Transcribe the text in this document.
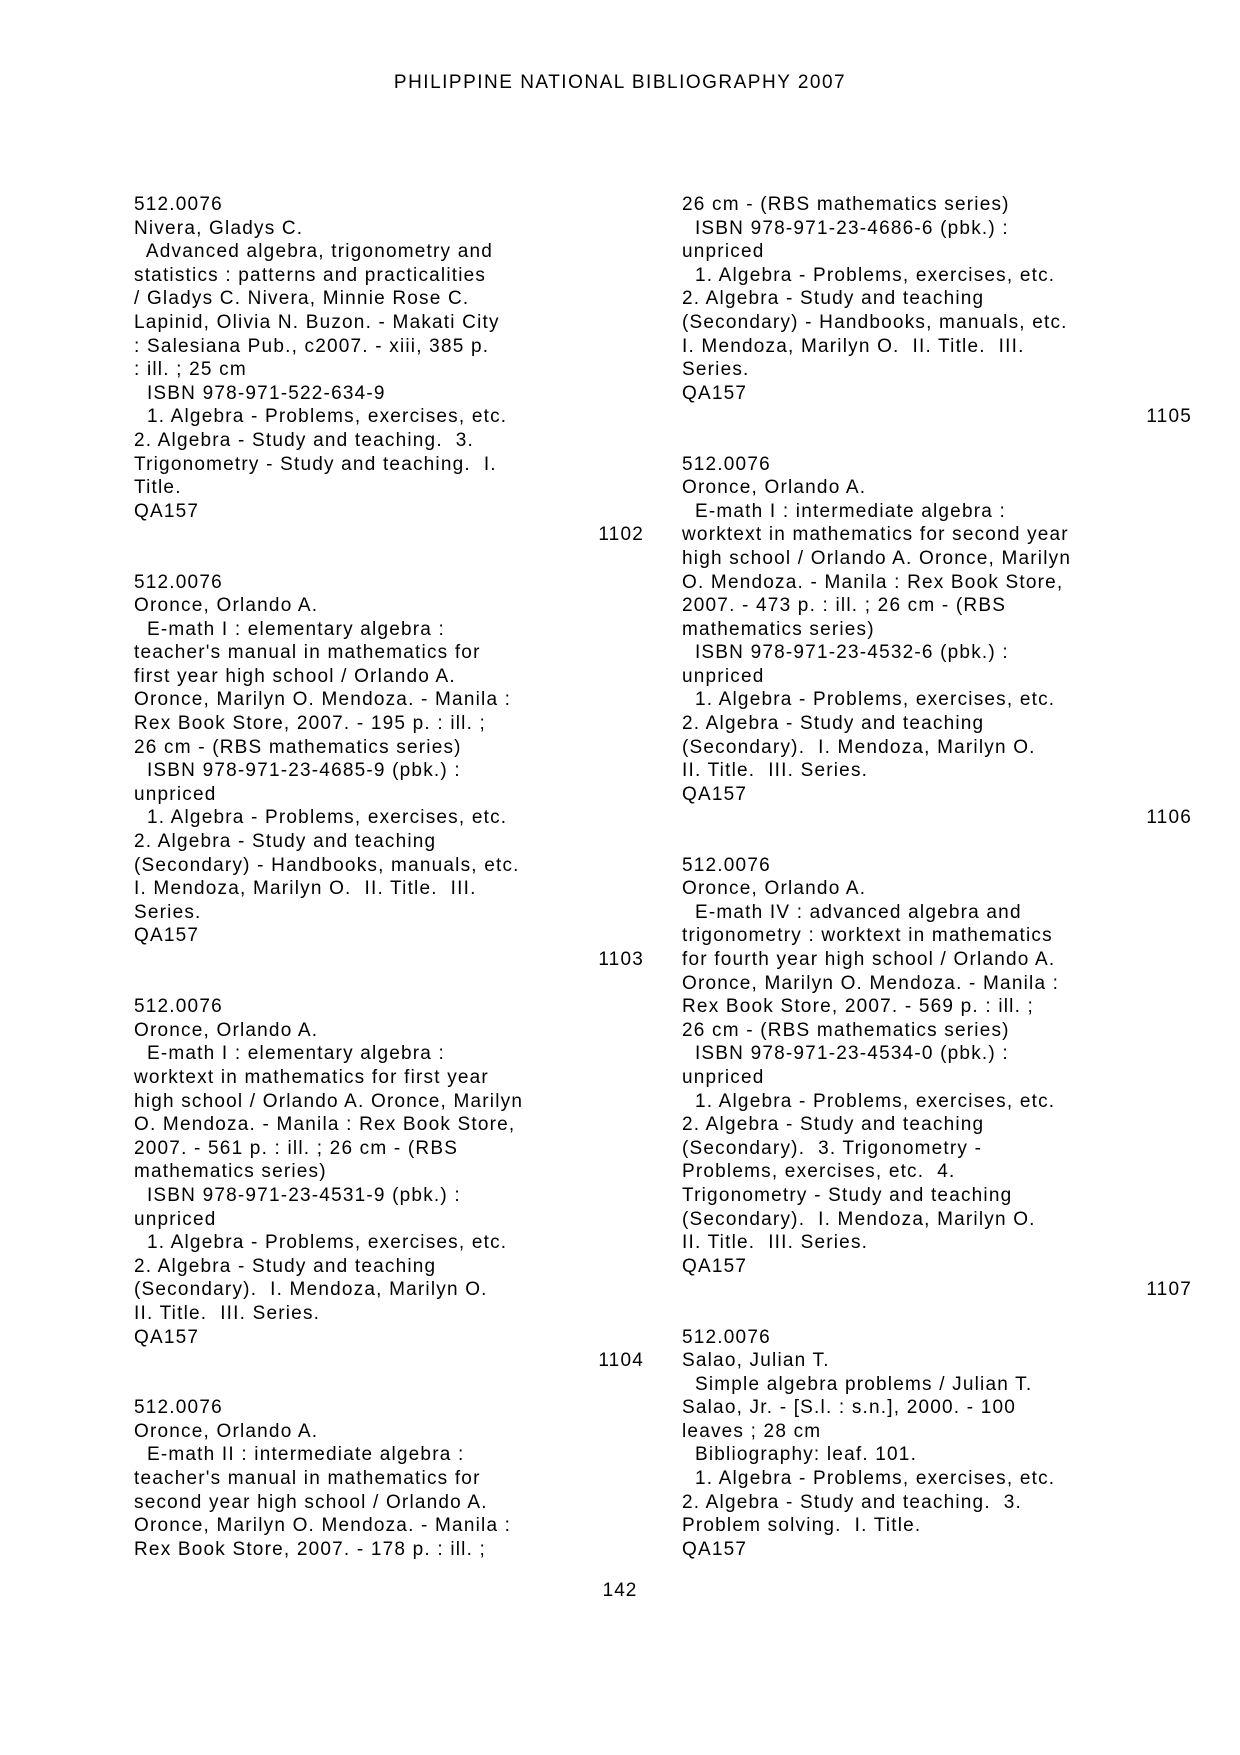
PHILIPPINE NATIONAL BIBLIOGRAPHY 2007
512.0076
Nivera, Gladys C.
Advanced algebra, trigonometry and
statistics : patterns and practicalities
/ Gladys C. Nivera, Minnie Rose C.
Lapinid, Olivia N. Buzon. - Makati City
: Salesiana Pub., c2007. - xiii, 385 p.
: ill. ; 25 cm
ISBN 978-971-522-634-9
1. Algebra - Problems, exercises, etc.
2. Algebra - Study and teaching.  3.
Trigonometry - Study and teaching.  I.
Title.
QA157
1102
512.0076
Oronce, Orlando A.
E-math I : elementary algebra :
teacher's manual in mathematics for
first year high school / Orlando A.
Oronce, Marilyn O. Mendoza. - Manila :
Rex Book Store, 2007. - 195 p. : ill. ;
26 cm - (RBS mathematics series)
ISBN 978-971-23-4685-9 (pbk.) :
unpriced
1. Algebra - Problems, exercises, etc.
2. Algebra - Study and teaching
(Secondary) - Handbooks, manuals, etc.
I. Mendoza, Marilyn O.  II. Title.  III.
Series.
QA157
1103
512.0076
Oronce, Orlando A.
E-math I : elementary algebra :
worktext in mathematics for first year
high school / Orlando A. Oronce, Marilyn
O. Mendoza. - Manila : Rex Book Store,
2007. - 561 p. : ill. ; 26 cm - (RBS
mathematics series)
ISBN 978-971-23-4531-9 (pbk.) :
unpriced
1. Algebra - Problems, exercises, etc.
2. Algebra - Study and teaching
(Secondary).  I. Mendoza, Marilyn O.
II. Title.  III. Series.
QA157
1104
512.0076
Oronce, Orlando A.
E-math II : intermediate algebra :
teacher's manual in mathematics for
second year high school / Orlando A.
Oronce, Marilyn O. Mendoza. - Manila :
Rex Book Store, 2007. - 178 p. : ill. ;
26 cm - (RBS mathematics series)
ISBN 978-971-23-4686-6 (pbk.) :
unpriced
1. Algebra - Problems, exercises, etc.
2. Algebra - Study and teaching
(Secondary) - Handbooks, manuals, etc.
I. Mendoza, Marilyn O.  II. Title.  III.
Series.
QA157
1105
512.0076
Oronce, Orlando A.
E-math I : intermediate algebra :
worktext in mathematics for second year
high school / Orlando A. Oronce, Marilyn
O. Mendoza. - Manila : Rex Book Store,
2007. - 473 p. : ill. ; 26 cm - (RBS
mathematics series)
ISBN 978-971-23-4532-6 (pbk.) :
unpriced
1. Algebra - Problems, exercises, etc.
2. Algebra - Study and teaching
(Secondary).  I. Mendoza, Marilyn O.
II. Title.  III. Series.
QA157
1106
512.0076
Oronce, Orlando A.
E-math IV : advanced algebra and
trigonometry : worktext in mathematics
for fourth year high school / Orlando A.
Oronce, Marilyn O. Mendoza. - Manila :
Rex Book Store, 2007. - 569 p. : ill. ;
26 cm - (RBS mathematics series)
ISBN 978-971-23-4534-0 (pbk.) :
unpriced
1. Algebra - Problems, exercises, etc.
2. Algebra - Study and teaching
(Secondary).  3. Trigonometry -
Problems, exercises, etc.  4.
Trigonometry - Study and teaching
(Secondary).  I. Mendoza, Marilyn O.
II. Title.  III. Series.
QA157
1107
512.0076
Salao, Julian T.
Simple algebra problems / Julian T.
Salao, Jr. - [S.l. : s.n.], 2000. - 100
leaves ; 28 cm
Bibliography: leaf. 101.
1. Algebra - Problems, exercises, etc.
2. Algebra - Study and teaching.  3.
Problem solving.  I. Title.
QA157
142
